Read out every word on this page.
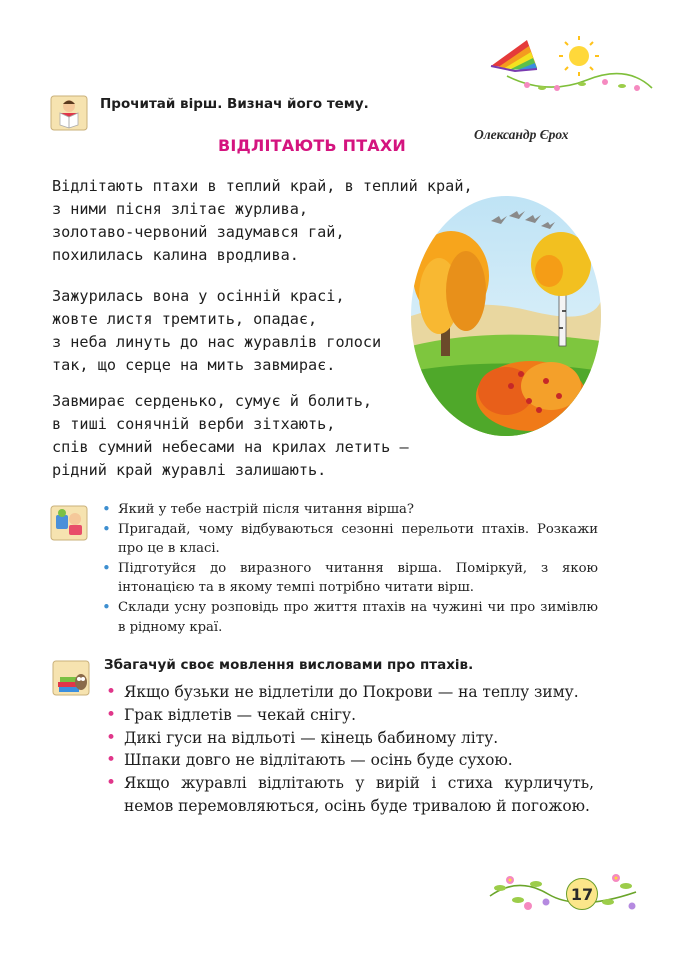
Прочитай вірш. Визнач його тему.
ВІДЛІТАЮТЬ ПТАХИ
Олександр Єрох
Відлітають птахи в теплий край, в теплий край,
з ними пісня злітає журлива,
золотаво-червоний задумався гай,
похилилась калина вродлива.
Зажурилась вона у осінній красі,
жовте листя тремтить, опадає,
з неба линуть до нас журавлів голоси
так, що серце на мить завмирає.
Завмирає серденько, сумує й болить,
в тиші сонячній верби зітхають,
спів сумний небесами на крилах летить —
рідний край журавлі залишають.
• Який у тебе настрій після читання вірша?
• Пригадай, чому відбуваються сезонні перельоти птахів. Розкажи про це в класі.
• Підготуйся до виразного читання вірша. Поміркуй, з якою інтонацією та в якому темпі потрібно читати вірш.
• Склади усну розповідь про життя птахів на чужині чи про зимівлю в рідному краї.
Збагачуй своє мовлення висловами про птахів.
• Якщо бузьки не відлетіли до Покрови — на теплу зиму.
• Грак відлетів — чекай снігу.
• Дикі гуси на відльоті — кінець бабиному літу.
• Шпаки довго не відлітають — осінь буде сухою.
• Якщо журавлі відлітають у вирій і стиха курличуть, немов перемовляються, осінь буде тривалою й погожою.
17
